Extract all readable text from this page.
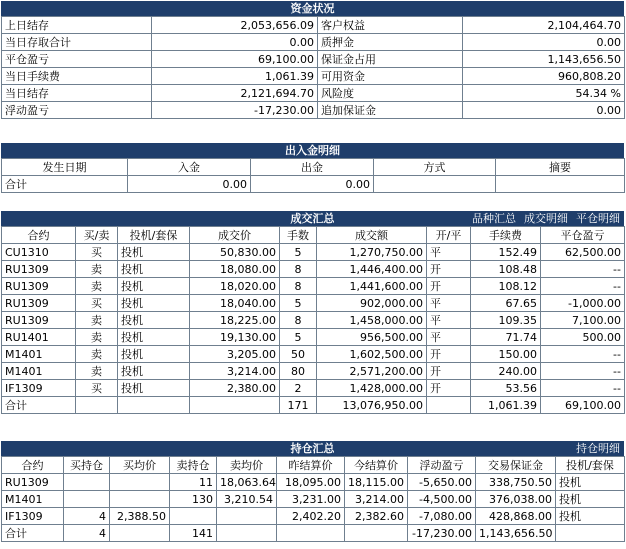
资金状况
上日结存	2,053,656.09	客户权益	2,104,464.70
当日存取合计	0.00	质押金	0.00
平仓盈亏	69,100.00	保证金占用	1,143,656.50
当日手续费	1,061.39	可用资金	960,808.20
当日结存	2,121,694.70	风险度	54.34 %
浮动盈亏	-17,230.00	追加保证金	0.00
出入金明细
发生日期	入金	出金	方式	摘要
合计	0.00	0.00		
成交汇总	品种汇总 成交明细 平仓明细
合约	买/卖	投机/套保	成交价	手数	成交额	开/平	手续费	平仓盈亏
CU1310	买	投机	50,830.00	5	1,270,750.00	平	152.49	62,500.00
RU1309	卖	投机	18,080.00	8	1,446,400.00	开	108.48	--
RU1309	卖	投机	18,020.00	8	1,441,600.00	开	108.12	--
RU1309	买	投机	18,040.00	5	902,000.00	平	67.65	-1,000.00
RU1309	卖	投机	18,225.00	8	1,458,000.00	平	109.35	7,100.00
RU1401	卖	投机	19,130.00	5	956,500.00	平	71.74	500.00
M1401	卖	投机	3,205.00	50	1,602,500.00	开	150.00	--
M1401	卖	投机	3,214.00	80	2,571,200.00	开	240.00	--
IF1309	买	投机	2,380.00	2	1,428,000.00	开	53.56	--
合计				171	13,076,950.00		1,061.39	69,100.00
持仓汇总	持仓明细
合约	买持仓	买均价	卖持仓	卖均价	昨结算价	今结算价	浮动盈亏	交易保证金	投机/套保
RU1309			11	18,063.64	18,095.00	18,115.00	-5,650.00	338,750.50	投机
M1401			130	3,210.54	3,231.00	3,214.00	-4,500.00	376,038.00	投机
IF1309	4	2,388.50			2,402.20	2,382.60	-7,080.00	428,868.00	投机
合计	4		141				-17,230.00	1,143,656.50	
